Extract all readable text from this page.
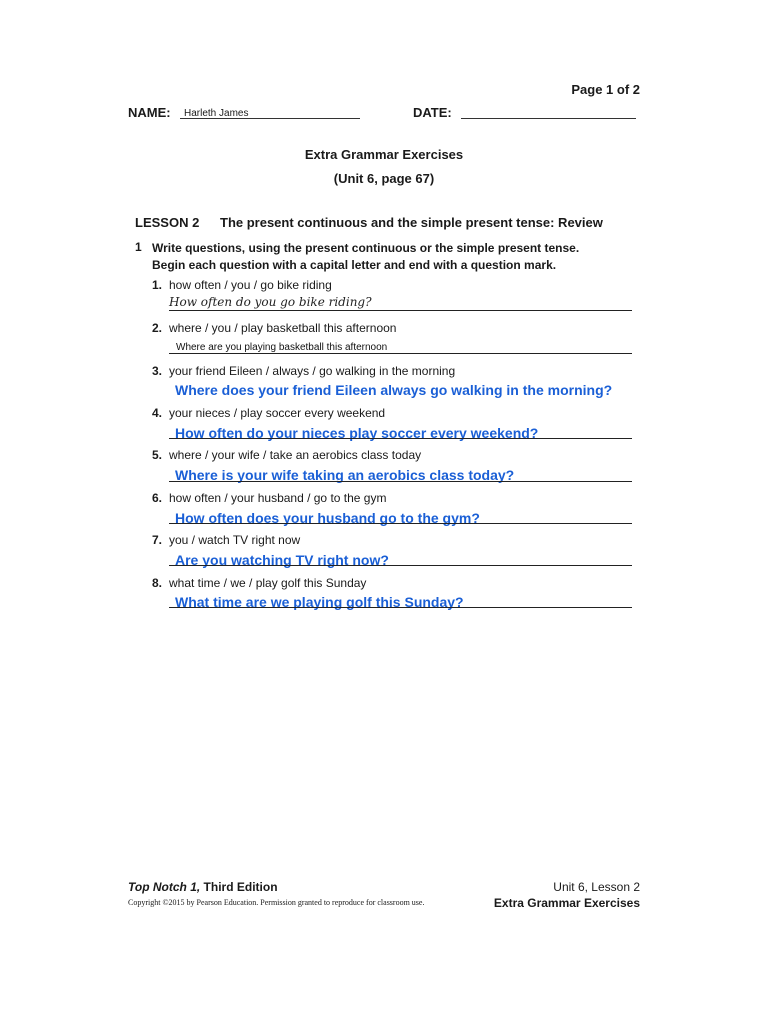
Page 1 of 2
NAME: Harleth James	DATE:
Extra Grammar Exercises
(Unit 6, page 67)
LESSON 2 The present continuous and the simple present tense: Review
1 Write questions, using the present continuous or the simple present tense.
Begin each question with a capital letter and end with a question mark.
1. how often / you / go bike riding
How often do you go bike riding?
2. where / you / play basketball this afternoon
Where are you playing basketball this afternoon
3. your friend Eileen / always / go walking in the morning
Where does your friend Eileen always go walking in the morning?
4. your nieces / play soccer every weekend
How often do your nieces play soccer every weekend?
5. where / your wife / take an aerobics class today
Where is your wife taking an aerobics class today?
6. how often / your husband / go to the gym
How often does your husband go to the gym?
7. you / watch TV right now
Are you watching TV right now?
8. what time / we / play golf this Sunday
What time are we playing golf this Sunday?
Top Notch 1, Third Edition
Copyright ©2015 by Pearson Education. Permission granted to reproduce for classroom use.
Unit 6, Lesson 2
Extra Grammar Exercises
